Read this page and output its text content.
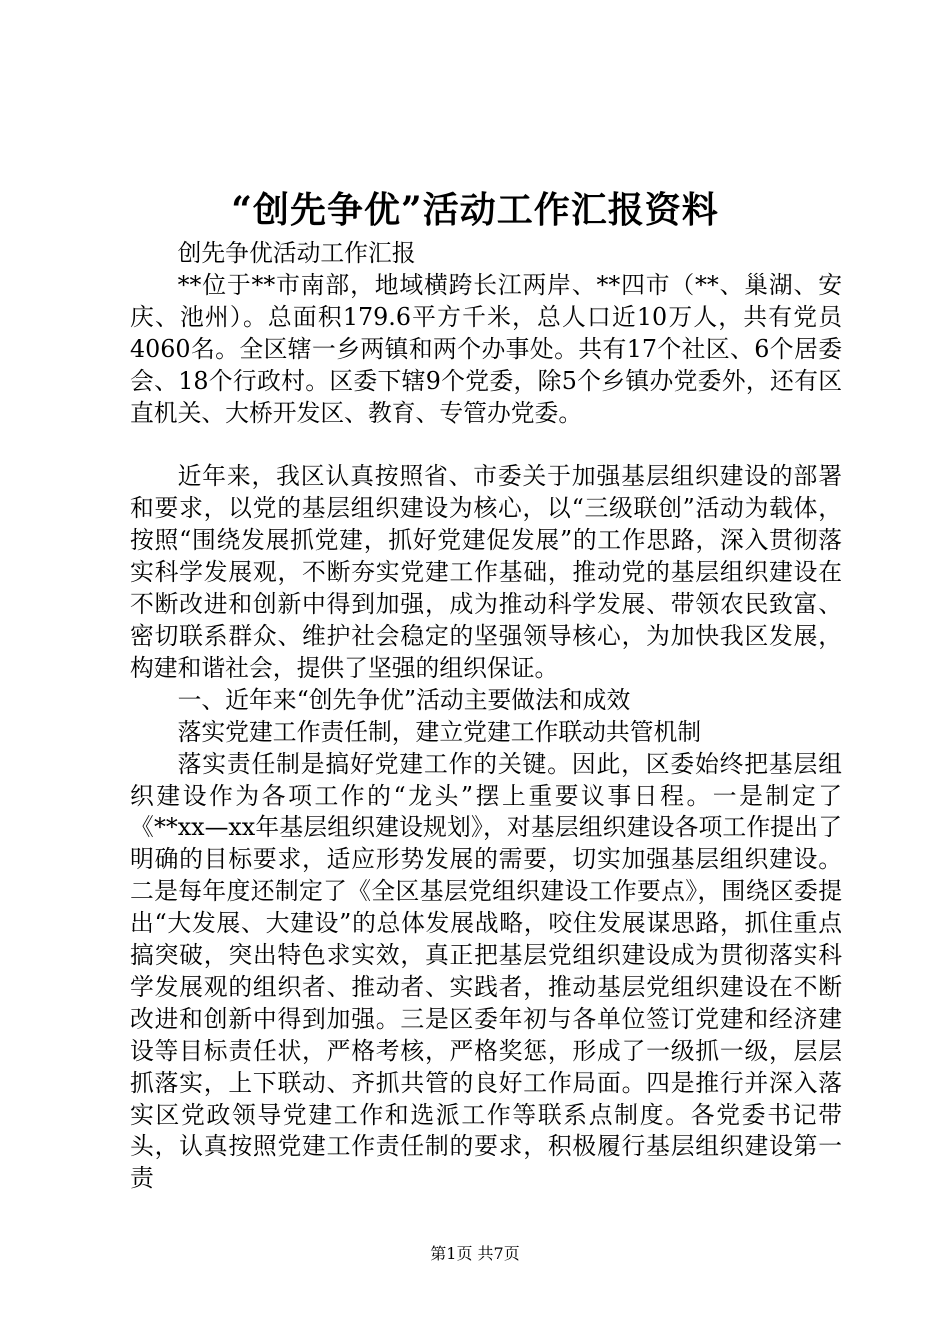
“创先争优”活动工作汇报资料

创先争优活动工作汇报

**位于**市南部，地域横跨长江两岸、**四市（**、巢湖、安庆、池州）。总面积179.6平方千米，总人口近10万人，共有党员4060名。全区辖一乡两镇和两个办事处。共有17个社区、6个居委会、18个行政村。区委下辖9个党委，除5个乡镇办党委外，还有区直机关、大桥开发区、教育、专管办党委。

近年来，我区认真按照省、市委关于加强基层组织建设的部署和要求，以党的基层组织建设为核心，以“三级联创”活动为载体，按照“围绕发展抓党建，抓好党建促发展”的工作思路，深入贯彻落实科学发展观，不断夯实党建工作基础，推动党的基层组织建设在不断改进和创新中得到加强，成为推动科学发展、带领农民致富、密切联系群众、维护社会稳定的坚强领导核心，为加快我区发展，构建和谐社会，提供了坚强的组织保证。

一、近年来“创先争优”活动主要做法和成效

落实党建工作责任制，建立党建工作联动共管机制

落实责任制是搞好党建工作的关键。因此，区委始终把基层组织建设作为各项工作的“龙头”摆上重要议事日程。一是制定了《**xx—xx年基层组织建设规划》，对基层组织建设各项工作提出了明确的目标要求，适应形势发展的需要，切实加强基层组织建设。二是每年度还制定了《全区基层党组织建设工作要点》，围绕区委提出“大发展、大建设”的总体发展战略，咬住发展谋思路，抓住重点搞突破，突出特色求实效，真正把基层党组织建设成为贯彻落实科学发展观的组织者、推动者、实践者，推动基层党组织建设在不断改进和创新中得到加强。三是区委年初与各单位签订党建和经济建设等目标责任状，严格考核，严格奖惩，形成了一级抓一级，层层抓落实，上下联动、齐抓共管的良好工作局面。四是推行并深入落实区党政领导党建工作和选派工作等联系点制度。各党委书记带头，认真按照党建工作责任制的要求，积极履行基层组织建设第一责

第1页 共7页
